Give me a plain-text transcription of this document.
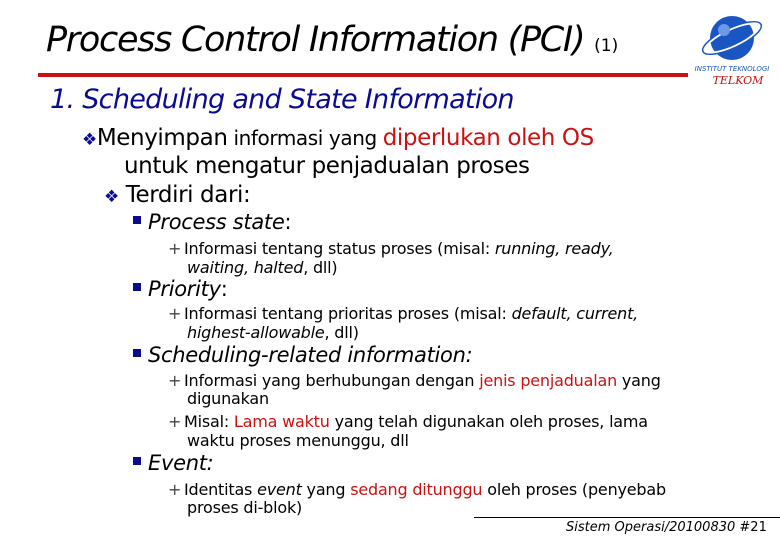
Process Control Information (PCI) (1)
INSTITUT TEKNOLOGI
TELKOM
1. Scheduling and State Information
❖Menyimpan informasi yang diperlukan oleh OS
untuk mengatur penjadualan proses
❖ Terdiri dari:
Process state:
+ Informasi tentang status proses (misal: running, ready,
waiting, halted, dll)
Priority:
+ Informasi tentang prioritas proses (misal: default, current,
highest-allowable, dll)
Scheduling-related information:
+ Informasi yang berhubungan dengan jenis penjadualan yang
digunakan
+ Misal: Lama waktu yang telah digunakan oleh proses, lama
waktu proses menunggu, dll
Event:
+ Identitas event yang sedang ditunggu oleh proses (penyebab
proses di-blok)
Sistem Operasi/20100830 #21
